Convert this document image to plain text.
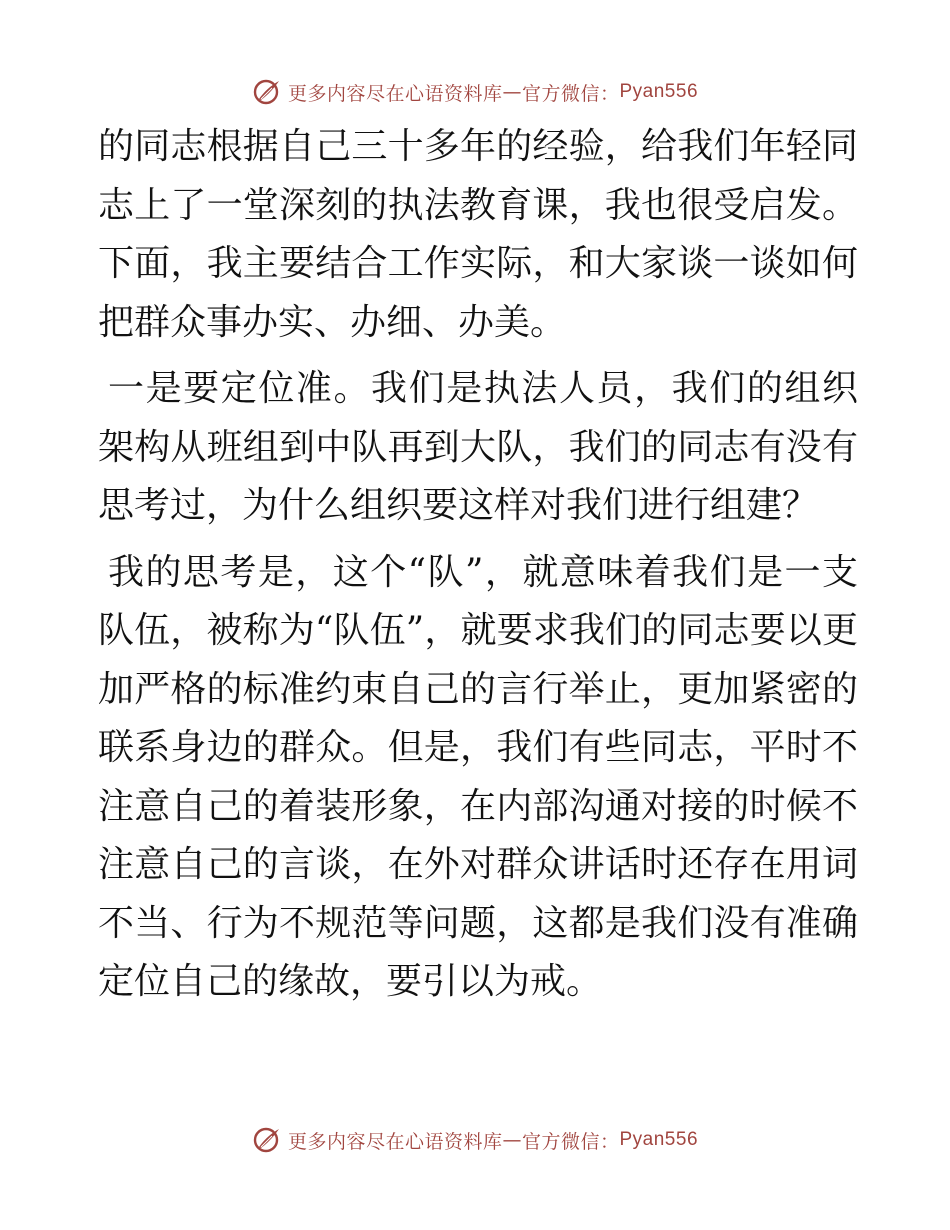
更多内容尽在心语资料库 — 官方微信： Pyan556

的同志根据自己三十多年的经验，给我们年轻同志上了一堂深刻的执法教育课，我也很受启发。下面，我主要结合工作实际，和大家谈一谈如何把群众事办实、办细、办美。

一是要定位准。我们是执法人员，我们的组织架构从班组到中队再到大队，我们的同志有没有思考过，为什么组织要这样对我们进行组建？

我的思考是，这个“队”，就意味着我们是一支队伍，被称为“队伍”，就要求我们的同志要以更加严格的标准约束自己的言行举止，更加紧密的联系身边的群众。但是，我们有些同志，平时不注意自己的着装形象，在内部沟通对接的时候不注意自己的言谈，在外对群众讲话时还存在用词不当、行为不规范等问题，这都是我们没有准确定位自己的缘故，要引以为戒。

更多内容尽在心语资料库 — 官方微信： Pyan556
